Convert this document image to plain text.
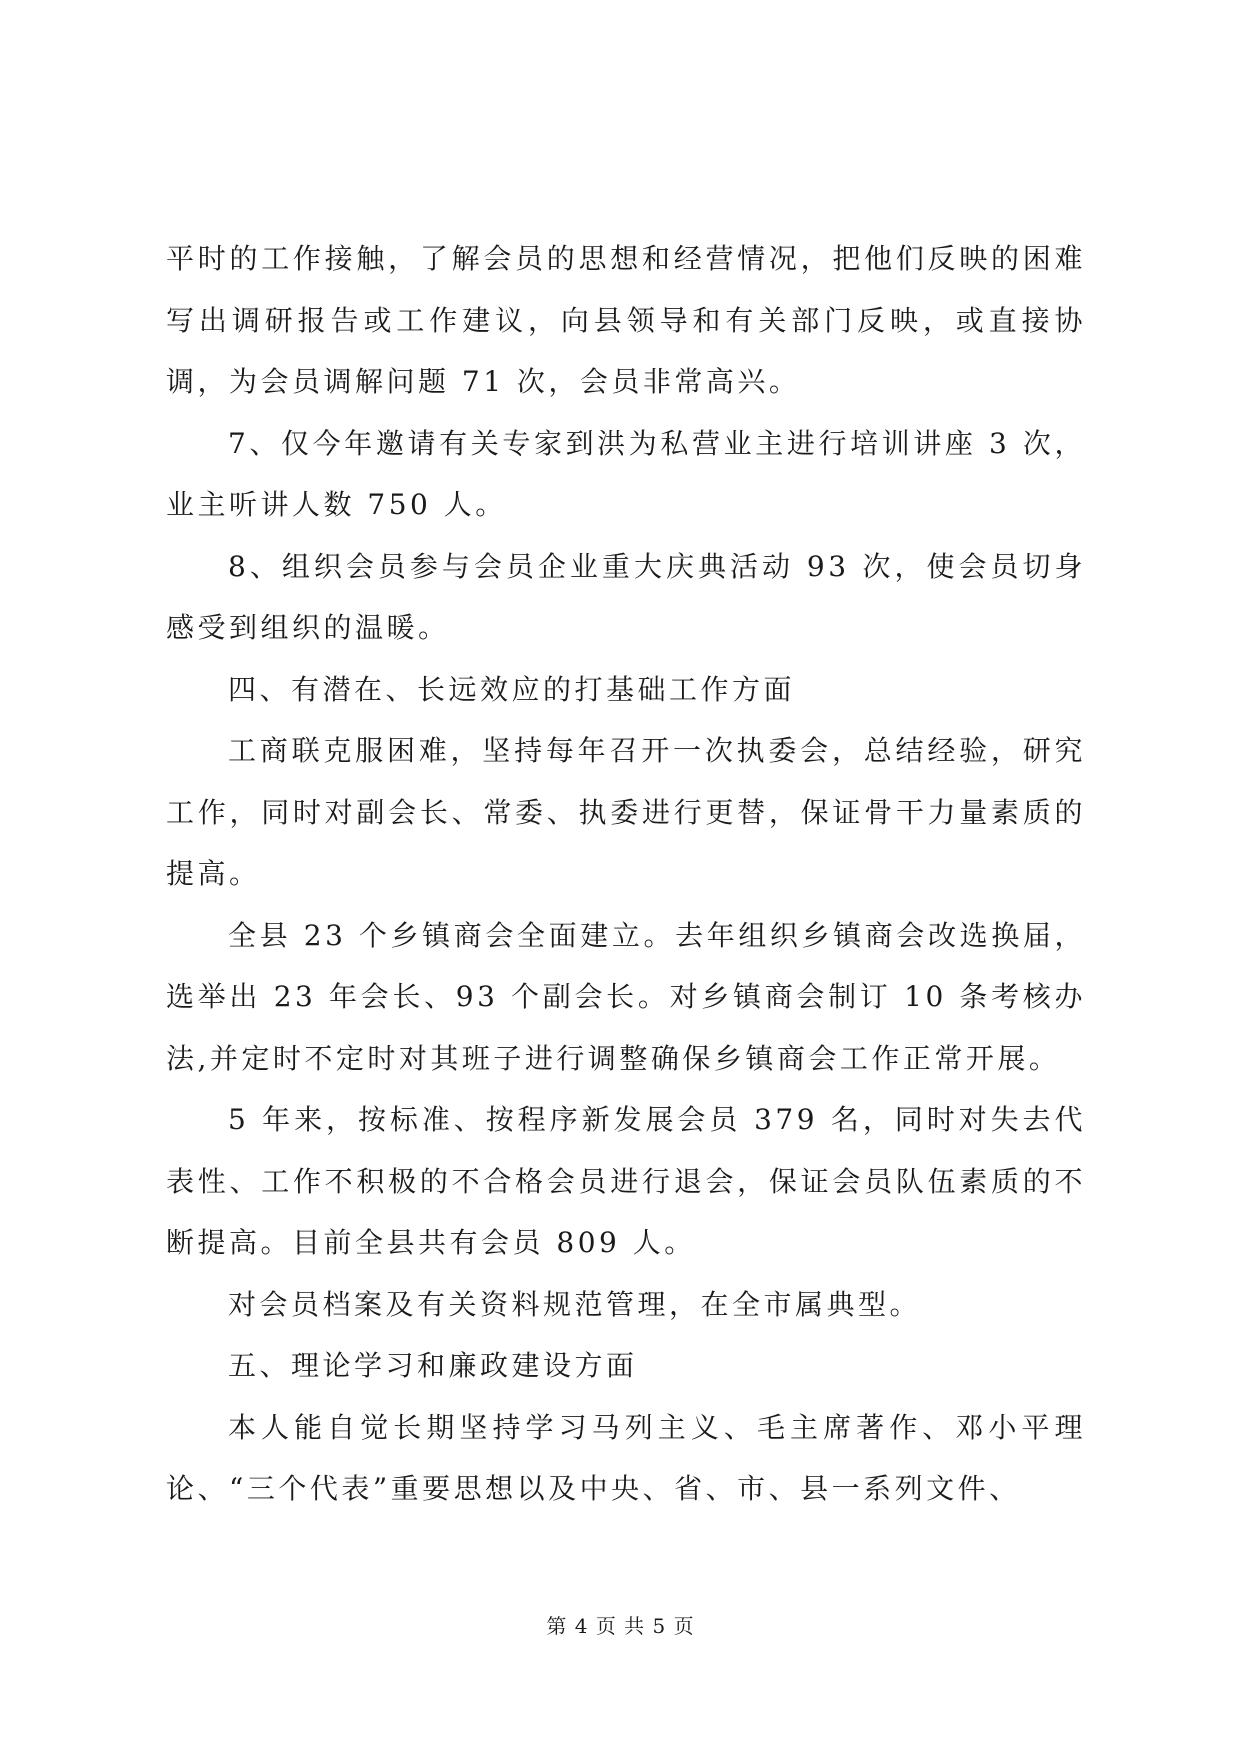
平时的工作接触，了解会员的思想和经营情况，把他们反映的困难写出调研报告或工作建议，向县领导和有关部门反映，或直接协调，为会员调解问题 71 次，会员非常高兴。

7、仅今年邀请有关专家到洪为私营业主进行培训讲座 3 次，业主听讲人数 750 人。

8、组织会员参与会员企业重大庆典活动 93 次，使会员切身感受到组织的温暖。

四、有潜在、长远效应的打基础工作方面

工商联克服困难，坚持每年召开一次执委会，总结经验，研究工作，同时对副会长、常委、执委进行更替，保证骨干力量素质的提高。

全县 23 个乡镇商会全面建立。去年组织乡镇商会改选换届，选举出 23 年会长、93 个副会长。对乡镇商会制订 10 条考核办法,并定时不定时对其班子进行调整确保乡镇商会工作正常开展。

5 年来，按标准、按程序新发展会员 379 名，同时对失去代表性、工作不积极的不合格会员进行退会，保证会员队伍素质的不断提高。目前全县共有会员 809 人。

对会员档案及有关资料规范管理，在全市属典型。

五、理论学习和廉政建设方面

本人能自觉长期坚持学习马列主义、毛主席著作、邓小平理论、“三个代表”重要思想以及中央、省、市、县一系列文件、

第 4 页 共 5 页
